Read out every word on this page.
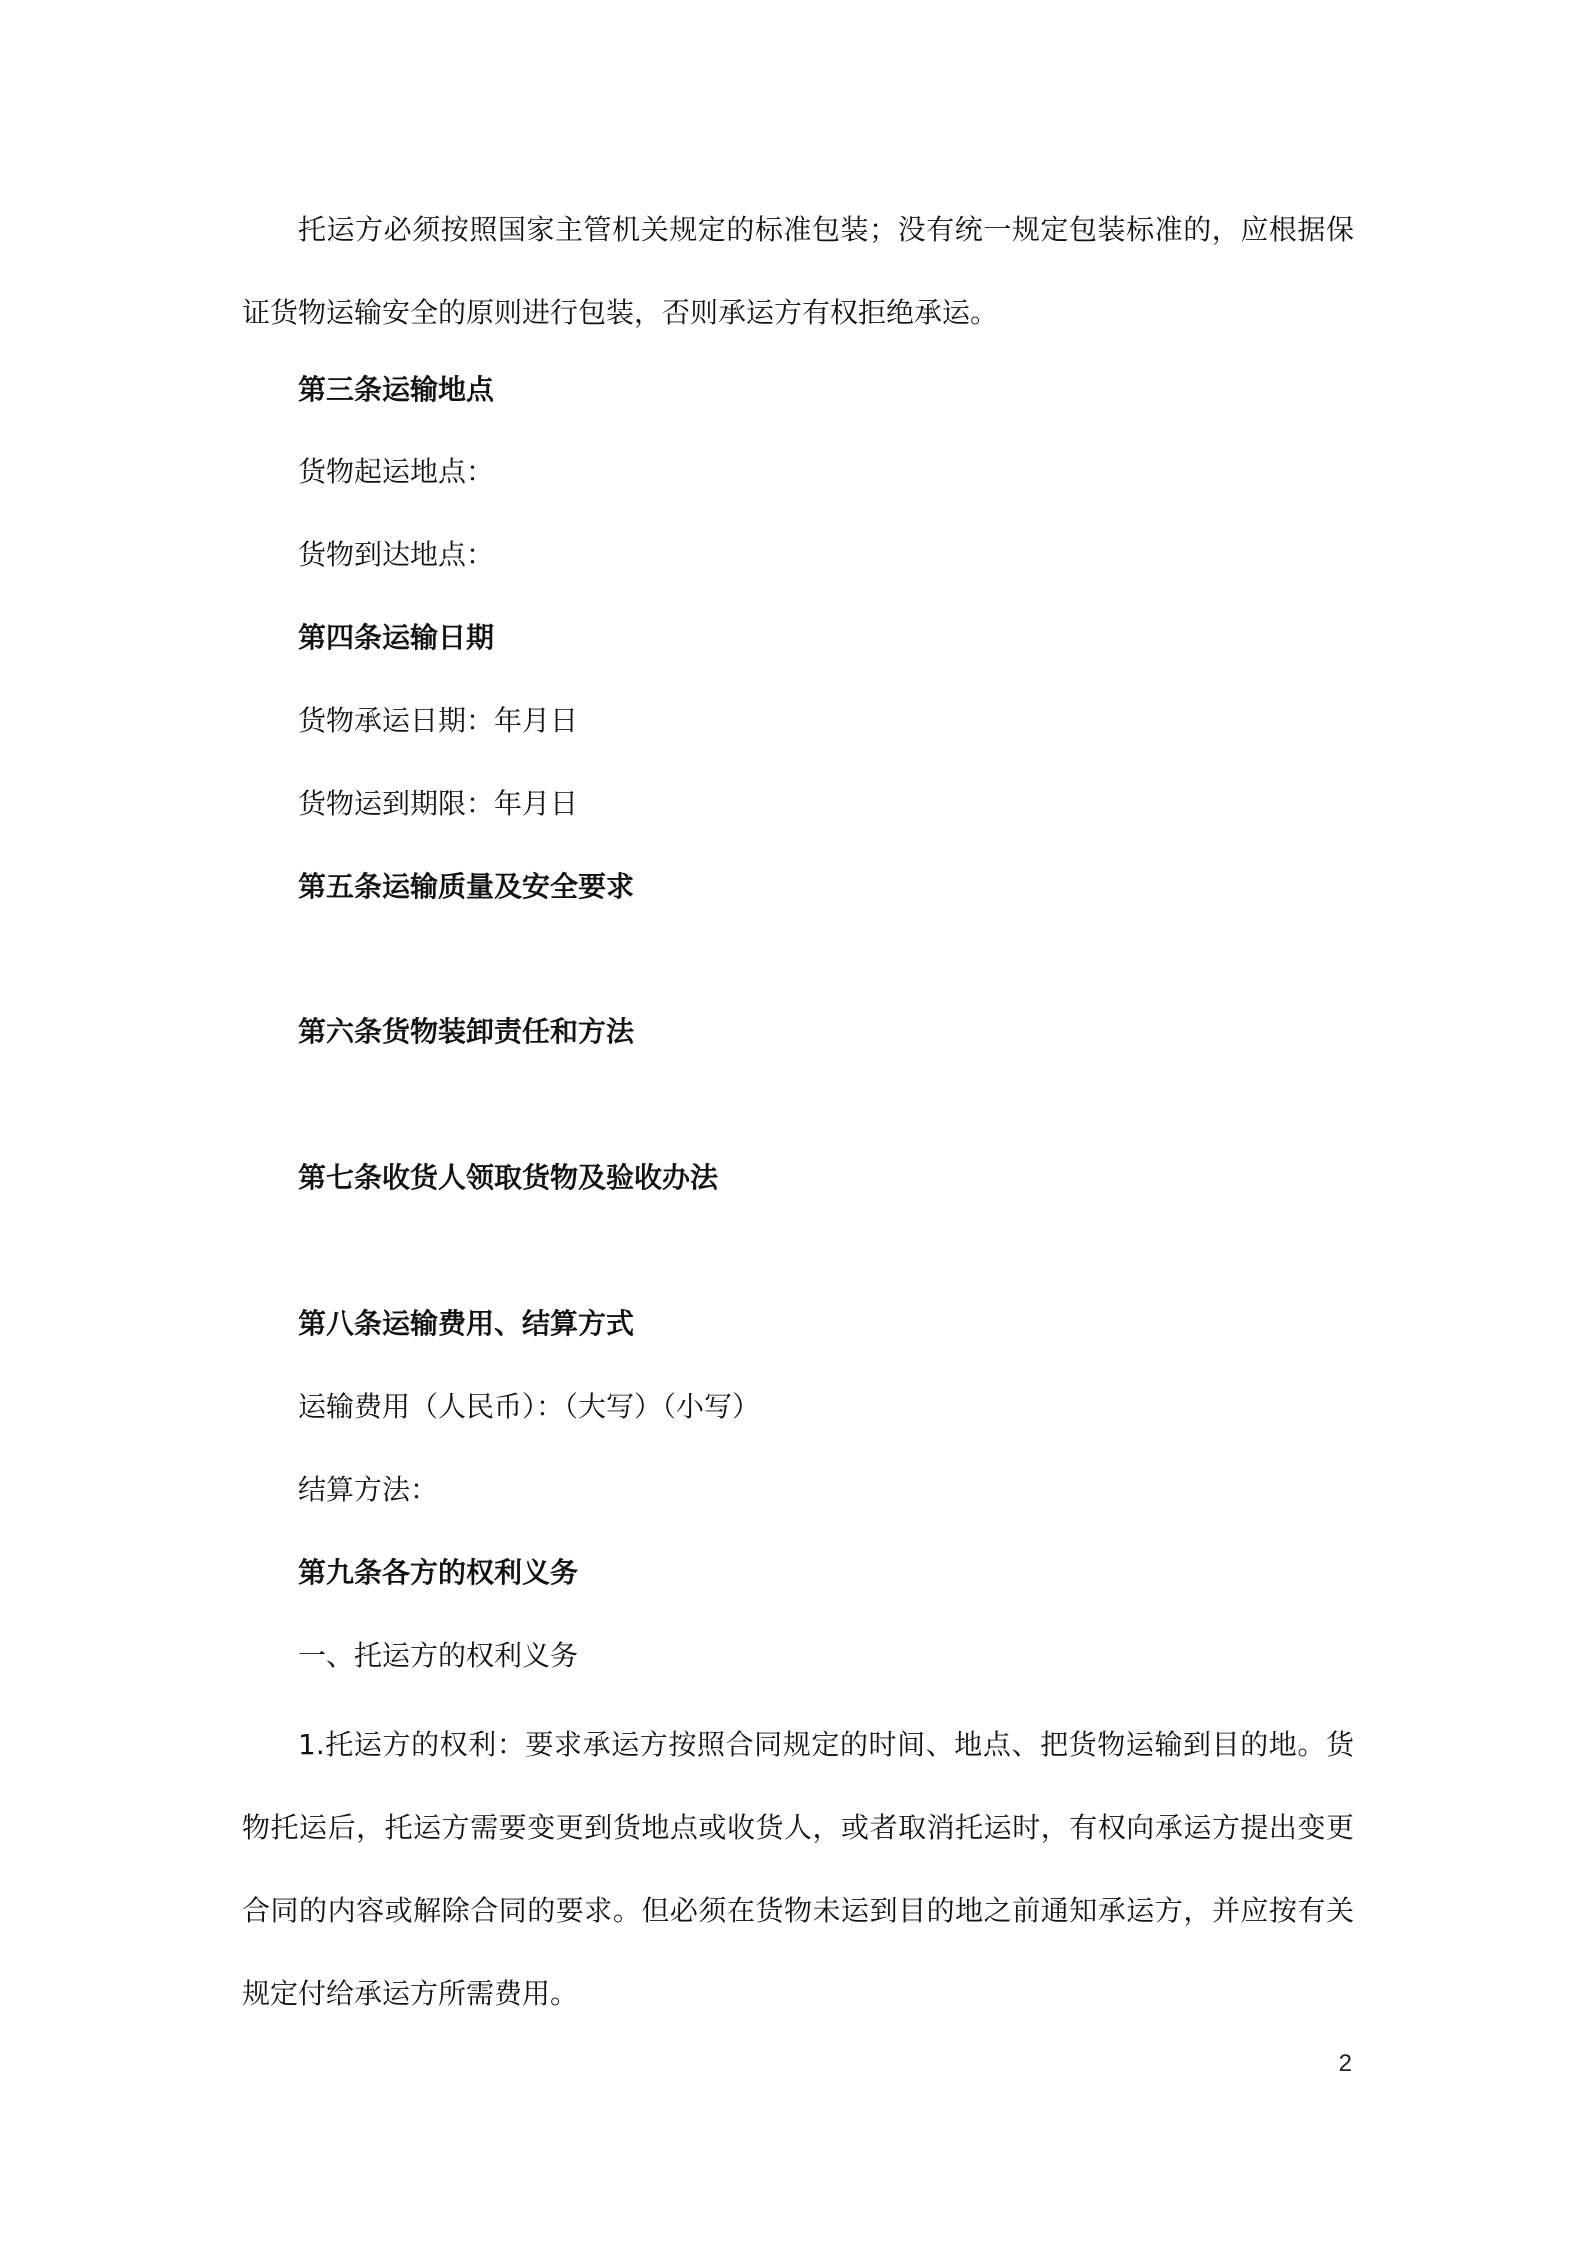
托运方必须按照国家主管机关规定的标准包装；没有统一规定包装标准的，应根据保证货物运输安全的原则进行包装，否则承运方有权拒绝承运。

第三条运输地点

货物起运地点：

货物到达地点：

第四条运输日期

货物承运日期：年月日

货物运到期限：年月日

第五条运输质量及安全要求

第六条货物装卸责任和方法

第七条收货人领取货物及验收办法

第八条运输费用、结算方式

运输费用（人民币）：（大写）（小写）

结算方法：

第九条各方的权利义务

一、托运方的权利义务

1.托运方的权利：要求承运方按照合同规定的时间、地点、把货物运输到目的地。货物托运后，托运方需要变更到货地点或收货人，或者取消托运时，有权向承运方提出变更合同的内容或解除合同的要求。但必须在货物未运到目的地之前通知承运方，并应按有关规定付给承运方所需费用。

2
